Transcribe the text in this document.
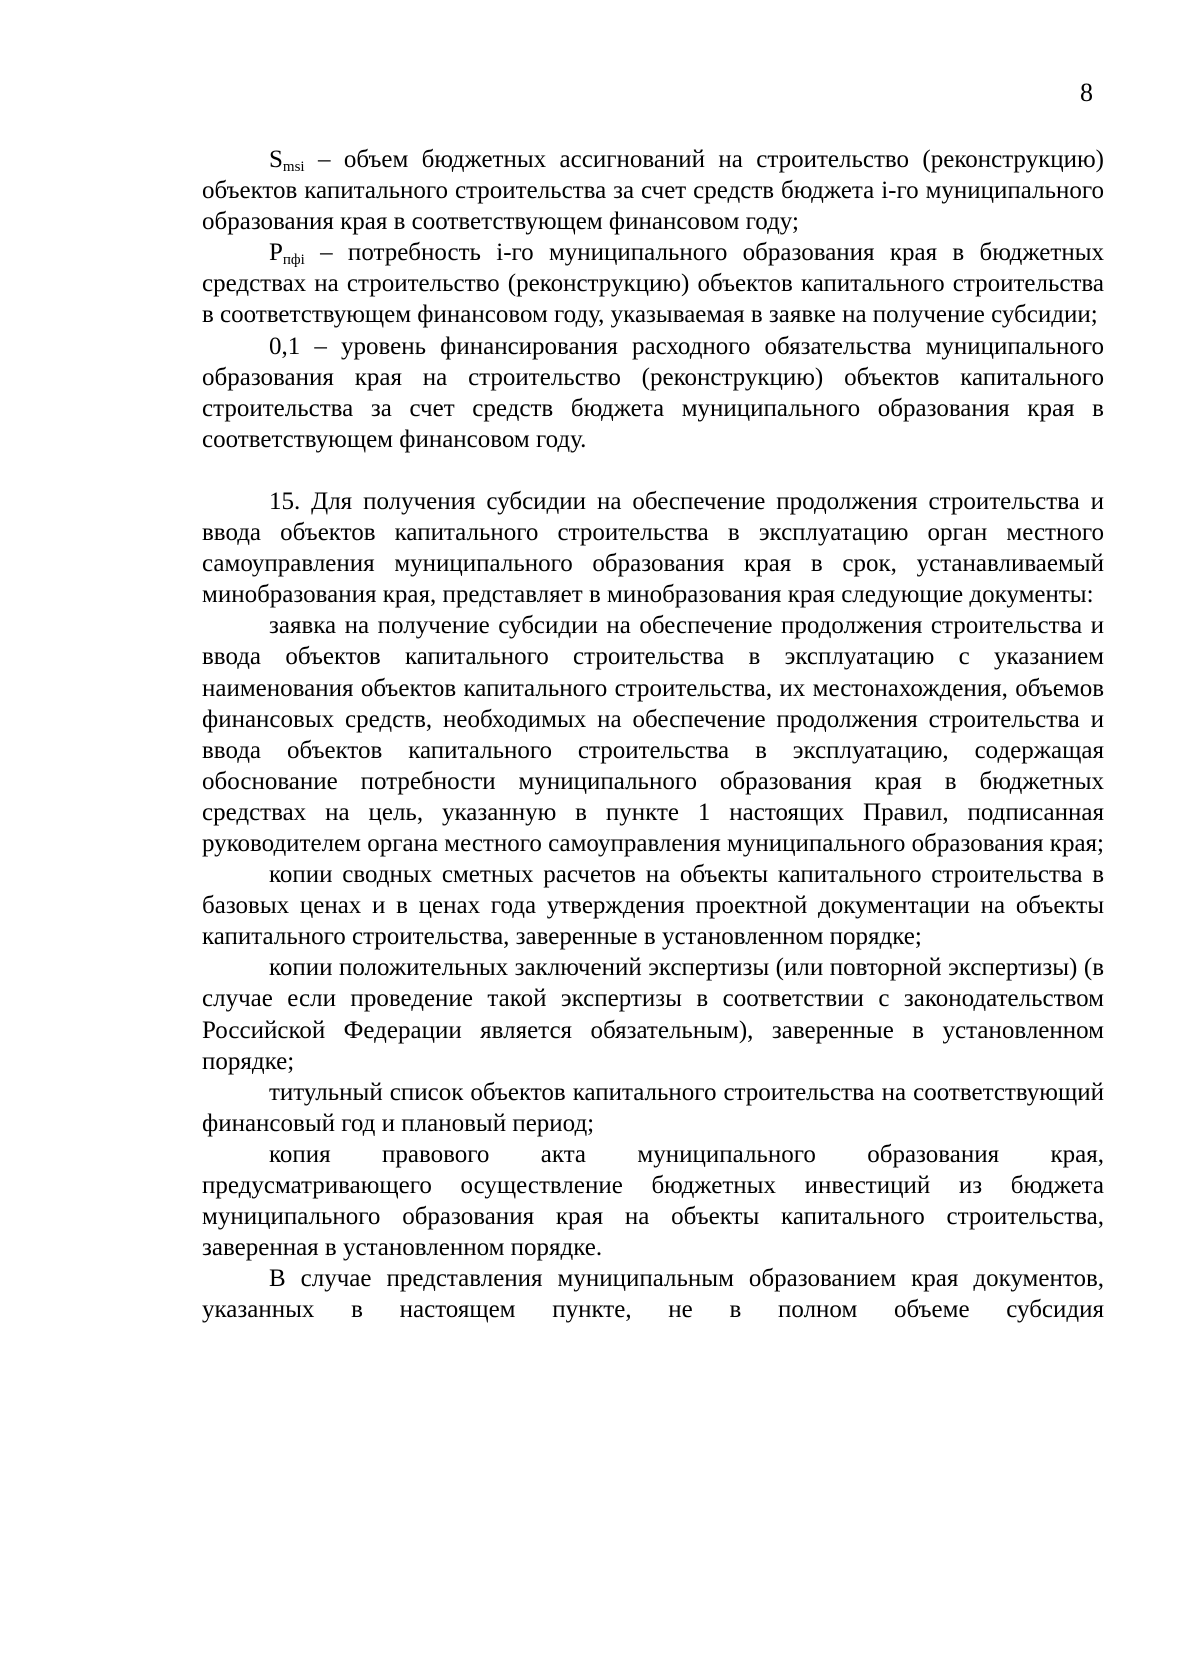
8

$S_{msi}$ – объем бюджетных ассигнований на строительство (реконструкцию) объектов капитального строительства за счет средств бюджета i-го муниципального образования края в соответствующем финансовом году;

$P_{пфi}$ – потребность i-го муниципального образования края в бюджетных средствах на строительство (реконструкцию) объектов капитального строительства в соответствующем финансовом году, указываемая в заявке на получение субсидии;

0,1 – уровень финансирования расходного обязательства муниципального образования края на строительство (реконструкцию) объектов капитального строительства за счет средств бюджета муниципального образования края в соответствующем финансовом году.

15. Для получения субсидии на обеспечение продолжения строительства и ввода объектов капитального строительства в эксплуатацию орган местного самоуправления муниципального образования края в срок, устанавливаемый минобразования края, представляет в минобразования края следующие документы:

заявка на получение субсидии на обеспечение продолжения строительства и ввода объектов капитального строительства в эксплуатацию с указанием наименования объектов капитального строительства, их местонахождения, объемов финансовых средств, необходимых на обеспечение продолжения строительства и ввода объектов капитального строительства в эксплуатацию, содержащая обоснование потребности муниципального образования края в бюджетных средствах на цель, указанную в пункте 1 настоящих Правил, подписанная руководителем органа местного самоуправления муниципального образования края;

копии сводных сметных расчетов на объекты капитального строительства в базовых ценах и в ценах года утверждения проектной документации на объекты капитального строительства, заверенные в установленном порядке;

копии положительных заключений экспертизы (или повторной экспертизы) (в случае если проведение такой экспертизы в соответствии с законодательством Российской Федерации является обязательным), заверенные в установленном порядке;

титульный список объектов капитального строительства на соответствующий финансовый год и плановый период;

копия правового акта муниципального образования края, предусматривающего осуществление бюджетных инвестиций из бюджета муниципального образования края на объекты капитального строительства, заверенная в установленном порядке.

В случае представления муниципальным образованием края документов, указанных в настоящем пункте, не в полном объеме субсидия
